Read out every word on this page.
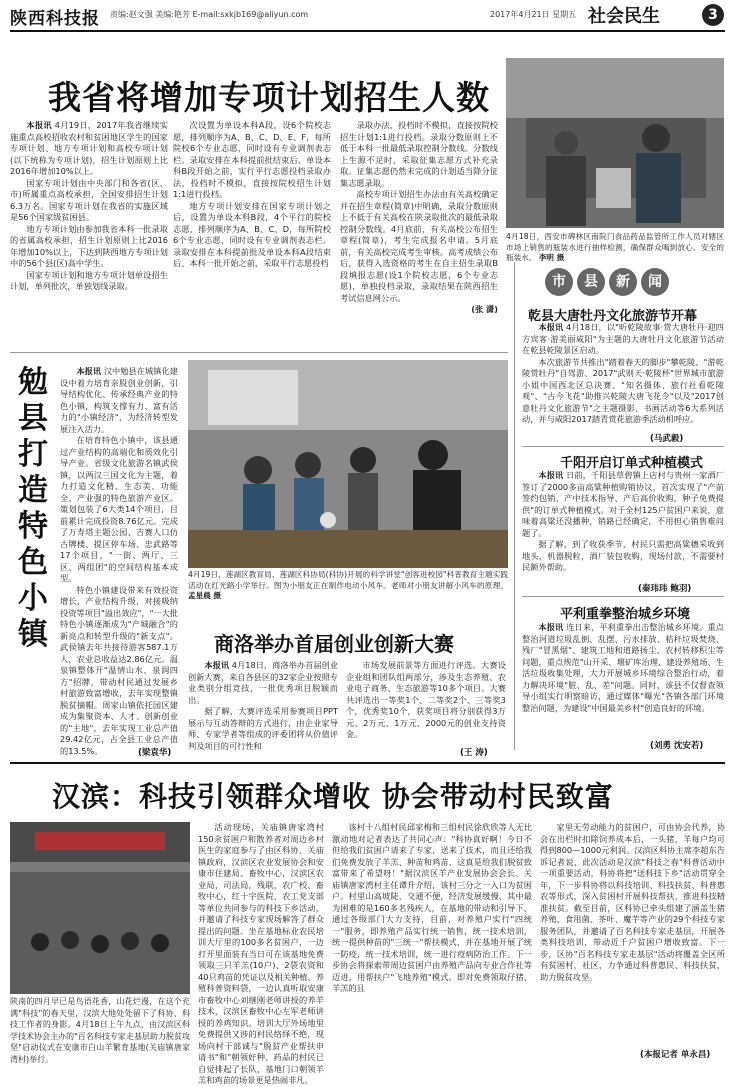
陕西科技报 责编:赵文强 美编:艳芳 E-mail:sxkjb169@aliyun.com	2017年4月21日 星期五 社会民生	3
我省将增加专项计划招生人数

本报讯 4月19日，2017年我省继续实施重点高校招收农村和贫困地区学生的国家专项计划、地方专项计划和高校专项计划(以下统称为专项计划)，招生计划原则上比2016年增加10%以上。

国家专项计划由中央部门和各省(区、市)所属重点高校承担，全国安排招生计划6.3万名。国家专项计划在我省的实施区域是56个国家级贫困县。

地方专项计划由参加我省本科一批录取的省属高校承担，招生计划原则上比2016年增加10%以上，下达到陕西地方专项计划中的56个县(区)高中学生。

国家专项计划和地方专项计划单设招生计划，单列批次，单独划线录取。

次设置为单设本科A段，设6个院校志愿，排列顺序为A、B、C、D、E、F，每所院校6个专业志愿，同时设有专业调剂表志栏。录取安排在本科提前批结束后、单设本科B段开始之前，实行平行志愿投档录取办法，投档时不模拟，直接按院校招生计划1:1进行投档。

地方专项计划安排在国家专项计划之后，设置为单设本科B段，4个平行的院校志愿，排列顺序为A、B、C、D，每所院校6个专业志愿，同时设有专业调剂表志栏。录取安排在本科提前批及单设本科A段结束后、本科一批开始之前，采取平行志愿投档

录取办法，投档时不模拟，直接按院校招生计划1:1进行投档。录取分数原则上不低于本科一批最低录取控制分数线。分数线上生源不足时，采取征集志愿方式补充录取。征集志愿仍然未完成的计划适当降分征集志愿录取。

高校专项计划招生办法由有关高校确定并在招生章程(简章)中明确，录取分数原则上不低于有关高校在陕录取批次的最低录取控制分数线。4月底前，有关高校公布招生章程(简章)，考生完成报名申请。5月底前，有关高校完成考生审核。高考成绩公布后，获得入选资格的考生在自主招生录取B段填报志愿(设1个院校志愿，6个专业志愿)，单独投档录取，录取结果在陕西招生考试信息网公示。

(张 潇)
4月18日，西安市碑林区南院门食品药品监管所工作人员对辖区市场上销售的瓶装水进行抽样检测，确保群众喝到放心、安全的瓶装水。 李明 摄
市 县 新 闻
乾县大唐牡丹文化旅游节开幕

本报讯 4月18日，以"昕乾陵故事·赏大唐牡丹·迎四方宾客·游美丽咸阳"为主题的大唐牡丹文化旅游节活动在乾县乾陵景区启动。

本次旅游节共推出"踏着春天的脚步"攀乾陵、"游乾陵赏牡丹"自驾游、2017"武则天·乾陵杯"世界城市旅游小姐中国西北区总决赛、"知名摄体、旅行社看乾陵观"、"古今飞花"助推兴乾陵大唐飞花令"以及"2017创意牡丹文化旅游节"之主题摄影、书画活动等6大系列活动，并与咸阳2017踏青赏花旅游季活动相呼应。

(马武毅)
千阳开启订单式种植模式

本报讯 日前，千阳县草碧镇上店村与贵州一家酒厂签订了2000多亩高粱种植购销协议，首次实现了"产前签约包销、产中技术指导、产后高价收购，种子免费提供"的订单式种植模式。对于全村125户贫困户来说，意味着高粱还没播种，销路已经确定，不用担心销售难问题了。

据了解，到了收获季节，村民只需把高粱穗采收到地头，机器脱粒，酒厂装包收购，现场付款，不需要村民额外帮助。

(秦玮玮 鲍羽)
平利重拳整治城乡环境

本报讯 连日来，平利重拳出击整治城乡环境。重点整治河道垃圾乱倒、乱摆、污水排放、秸秆垃圾焚烧、残厂"冒黑烟"、建筑工地和道路扬尘、农村转移积尘等问题，重点规范"山开采、堰矿库治理、建设养殖场、生活垃圾收集处理，大力开展城乡环境综合整治行动，着力解决环境"脏、乱、差"问题。同时，该县不仅督查领导小组实行明察暗访，通过媒体"曝光"各镇各部门环境整治问题，为建设"中国最美乡村"创造良好的环境。

(刘勇 沈安若)
勉
县
打
造
特
色
小
镇

本报讯 汉中勉县在城镇化建设中着力培育亲股创业创新，引导结构优化、传承经典产业的特色小镇，构筑支撑有力、富有活力的"小镇经济"，为经济转型发展注入活力。

在培育特色小镇中，该县通过产业结构的高端化和质效化引导产业。省级文化旅游名镇武侯镇，以两汉三国文化为主题，着力打造文化精、生态美、功能全、产业强的特色旅游产业区。策划包装了6大类14个项目，目前累计完成投资8.76亿元。完成了万寿塔主题公园、吉赛人口仿古牌楼、提区停车场、忠武路等17个项目，"一街、两厅、三区、两组团"的空间结构基本成型。

特色小镇建设带来有效投资增长，产业结构升级，对接吸纳投资等项目"溢出效应"，"一大批特色小镇逐渐成为"产城融合"的新亮点和转型升级的"新支点"。武侯镇去年共接待游客587.1万人，农业总收益达2.86亿元。温泉镇整体开"温情山水、泉润四方"招牌，带动村民通过发展乡村旅游致富增收，去年实现整镇脱贫摘帽。周家山镇依托园区建成为集聚资本、人才、创新创业的"主地"，去年实现工业总产值29.42亿元，占全县工业总产值的13.5%。	(梁袁华)
4月19日，莲湖区教育局、莲湖区科协局(科协)开展的科学讲堂"创客进校园"科普教育主题实践活动在红光路小学举行。图为小朋友正在制作电动小风车。老师对小朋友讲解小风车的原理。 孟星晨 摄
商洛举办首届创业创新大赛

本报讯 4月18日，商洛举办首届创业创新大赛，来自各县区的32家企业按照专业类别分组竞技，一批优秀项目脱颖而出。

据了解，大赛评选采用参赛项目PPT展示与互动答辩的方式进行，由企业家导师、专家学者等组成的评委团将从价值评判及项目的可行性和

市场发展前景等方面进行评选。大赛设企业组和团队组两部分，涉及生态养殖、农业电子商务、生态旅游等10多个项目。大赛共评选出一等奖1个、二等奖2个、三等奖3个，优秀奖10个，获奖项目将分别获得3万元、2万元、1万元、2000元的创业支持资金。

(王 涛)
汉滨：科技引领群众增收 协会带动村民致富
陕南的四月早已是鸟语花香，山花烂漫，在这个充满"科技"的春天里，汉滨大地处处留下了科协、科技工作者的身影。4月18日上午九点，由汉滨区科学技术协会主办的"百名科技专家走基层助力脱贫攻坚"启动仪式在安康市白山羊繁育基地(关庙镇唐家湾村)举行。

活动现场，关庙镇唐家湾村150余贫困户和散养者对周边乡村医生的家庭参与了由区科协、关庙镇政府，汉滨区农业发展协会和安康市住建局、畜牧中心，汉滨区农业局，司法局，残联，农广校、畜牧中心，红十字医院、农工党支部等单位共同参与的科技下乡活动，并邀请了科技专家现场解答了群众提出的问题。坐在基地标业农民培训大厅里的100多名贫困户，一边打开里面装有当日可在该基地免费领取三只羊羔(10户)、2袋农资和40只鸡苗的凭证以及相关种植、养殖科普资料袋，一边认真听取安康市畜牧中心刘继刚老师讲授的养羊技术，汉滨区畜牧中心左军老师讲授的养鸡知识。培训大厅外场地里免费提供又涉的村民络绎不绝，现场向村干部诚与"脱贫产业帮扶申请书"和"朝领好种、药品的村民已自觉排起了长队，基地门口朝领羊羔和鸡苗的场景更是热闹非凡。

该村十八组村民邱家梅和三组村民徐欣欣等人无比激动地对记者表达了共同心声："科协真好啊！今日不但给我们贫困户请来了专家，送来了技术，而且还给我们免费发放了羊羔、种苗和鸡苗，这真是给我们脱贫致富带来了希望呀！"据汉滨区羊产业发展协会会长、关庙镇唐家湾村主任谭升介绍，该村三分之一入口为贫困户。村里山高坡陡，交通不便，经济发展缓慢，其中最为困难的是160多名残疾人，在基地的带动和引导下，通过各级部门大力支持，目前，对养殖户实行"四统一"服务，即养殖产品实行统一销售，统一技术培训，统一提供种苗的"三统一"帮扶模式，并在基地开展了统一防疫，统一技术培训，统一进行疫病防治工作。下一步协会将探索带周边贫困户由养殖产品向专业合作社等迈进，用帮扶户"飞地养殖"模式。即对免费领取仔猪、羊羔的且

家里无劳动能力的贫困户，可由协会代养，协会在出栏时扣除饲养成本后，一头猪，羊每户均可得到800—1000元利润。汉滨区科协主席李超东告诉记者说，此次活动是汉滨"科技之春"科普活动中一项重要活动，科协将把"送科技下乡"活动贯穿全年，下一步科协将以科技培训、科技扶贫、科普惠农等形式，深入贫困村开展科技帮扶，推进科技精准扶贫。截至目前，区科协已牵头组建了涵盖生猪养殖、食用菌、茶叶、魔芋等产业的29个科技专家服务团队，并邀请了百名科技专家走基层，开展各类科技培训，带动近千户贫困户增收致富。下一步，区协"百名科技专家走基层"活动将覆盖全区所有贫困村，社区，力争通过科普惠民、科技扶贫，助力脱贫攻坚。

(本报记者 单永昌)
